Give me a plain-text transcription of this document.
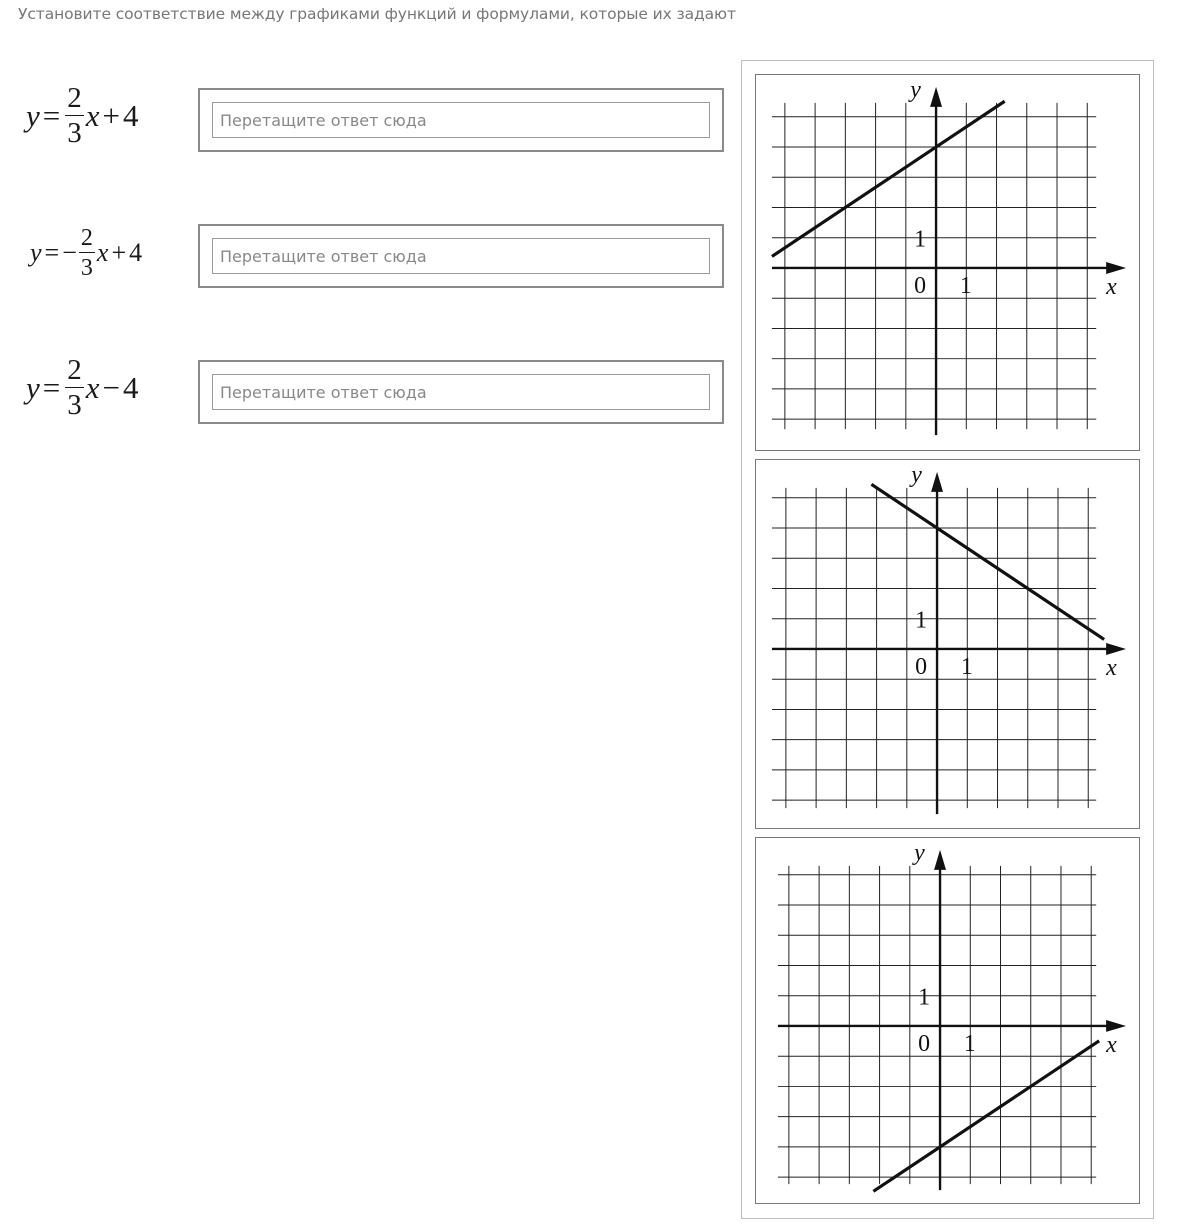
Установите соответствие между графиками функций и формулами, которые их задают
$y = \frac{2}{3}$ x + 4	Перетащите ответ сюда
y = − $\frac{2}{3}$ x + 4	Перетащите ответ сюда
$y = \frac{2}{3}$ x − 4	Перетащите ответ сюда
y
x
0 1
1
y
x
0 1
1
y
x
0 1
1
